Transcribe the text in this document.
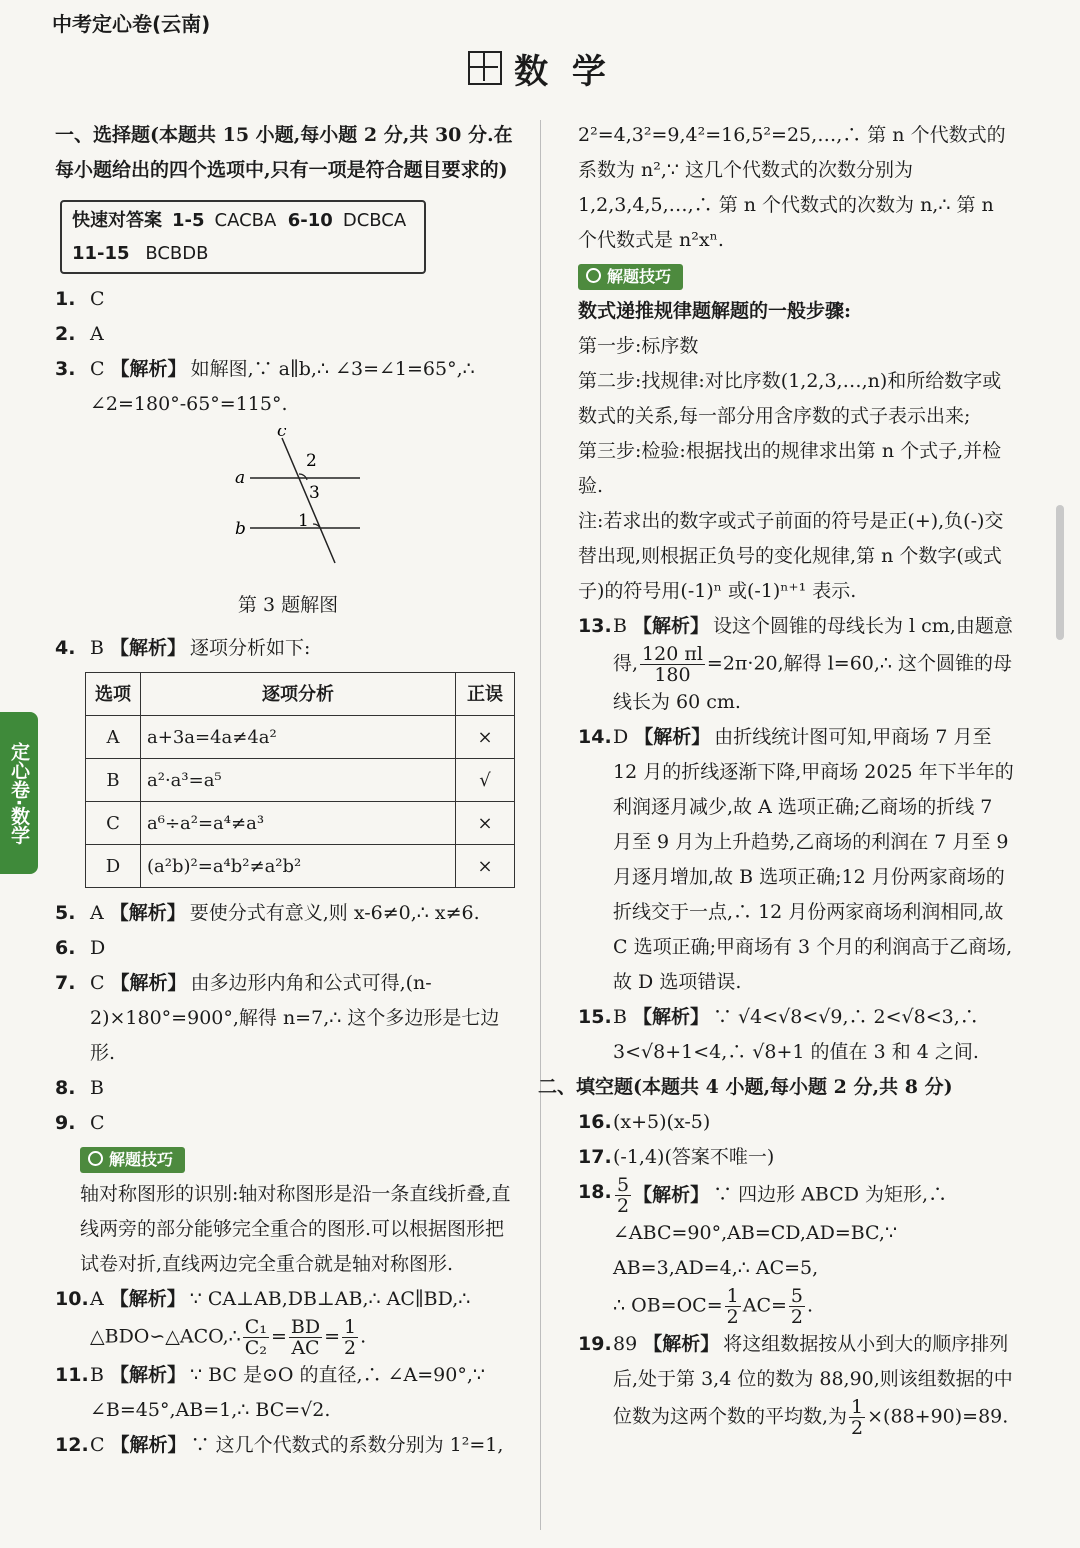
中考定心卷(云南)
数 学
定心卷·数学
一、选择题(本题共 15 小题,每小题 2 分,共 30 分.在每小题给出的四个选项中,只有一项是符合题目要求的)
快速对答案 1-5 CACBA 6-10 DCBCA
11-15 BCBDB
1. C
2. A
3. C 【解析】 如解图,∵ a∥b,∴ ∠3=∠1=65°,∴ ∠2=180°-65°=115°.
c
a
b
2
3
1
第 3 题解图
4. B 【解析】 逐项分析如下:
选项	逐项分析	正误
A	a+3a=4a≠4a²	×
B	a²·a³=a⁵	√
C	a⁶÷a²=a⁴≠a³	×
D	(a²b)²=a⁴b²≠a²b²	×
5. A 【解析】 要使分式有意义,则 x-6≠0,∴ x≠6.
6. D
7. C 【解析】 由多边形内角和公式可得,(n-2)×180°=900°,解得 n=7,∴ 这个多边形是七边形.
8. B
9. C
解题技巧
轴对称图形的识别:轴对称图形是沿一条直线折叠,直线两旁的部分能够完全重合的图形.可以根据图形把试卷对折,直线两边完全重合就是轴对称图形.
10. A 【解析】 ∵ CA⊥AB,DB⊥AB,∴ AC∥BD,∴
△BDO∽△ACO,∴ $\frac{\text{C₁}}{\text{C₂}} = \frac{BD}{AC} = \frac{1}{2}$ .
11. B 【解析】 ∵ BC 是⊙O 的直径,∴ ∠A=90°,∵ ∠B=45°,AB=1,∴ BC=√2.
12. C 【解析】 ∵ 这几个代数式的系数分别为 1²=1,
2²=4,3²=9,4²=16,5²=25,…,∴ 第 n 个代数式的系数为 n²,∵ 这几个代数式的次数分别为 1,2,3,4,5,…,∴ 第 n 个代数式的次数为 n,∴ 第 n 个代数式是 n²xⁿ.
解题技巧
数式递推规律题解题的一般步骤:
第一步:标序数
第二步:找规律:对比序数(1,2,3,…,n)和所给数字或数式的关系,每一部分用含序数的式子表示出来;
第三步:检验:根据找出的规律求出第 n 个式子,并检验.
注:若求出的数字或式子前面的符号是正(+),负(-)交替出现,则根据正负号的变化规律,第 n 个数字(或式子)的符号用(-1)ⁿ 或(-1)ⁿ⁺¹ 表示.
13. B 【解析】 设这个圆锥的母线长为 l cm,由题意得, $\frac{120 \pi l}{180} =2\pi\cdot 20$,解得 l=60,∴ 这个圆锥的母线长为 60 cm.
14. D 【解析】 由折线统计图可知,甲商场 7 月至 12 月的折线逐渐下降,甲商场 2025 年下半年的利润逐月减少,故 A 选项正确;乙商场的折线 7 月至 9 月为上升趋势,乙商场的利润在 7 月至 9 月逐月增加,故 B 选项正确;12 月份两家商场的折线交于一点,∴ 12 月份两家商场利润相同,故 C 选项正确;甲商场有 3 个月的利润高于乙商场,故 D 选项错误.
15. B 【解析】 ∵ √4<√8<√9,∴ 2<√8<3,∴ 3<√8+1<4,∴ √8+1 的值在 3 和 4 之间.
二、填空题(本题共 4 小题,每小题 2 分,共 8 分)
16. (x+5)(x-5)
17. (-1,4)(答案不唯一)
18. $\frac{5}{2}$ 【解析】 ∵ 四边形 ABCD 为矩形,∴ ∠ABC=90°,AB=CD,AD=BC,∵ AB=3,AD=4,∴ AC=5,
∴ $OB=OC= \frac{1}{2} AC= \frac{5}{2}$ .
19. 89 【解析】 将这组数据按从小到大的顺序排列后,处于第 3,4 位的数为 88,90,则该组数据的中位数为这两个数的平均数,为 $\frac{1}{2} \times(88+90)=89$.
